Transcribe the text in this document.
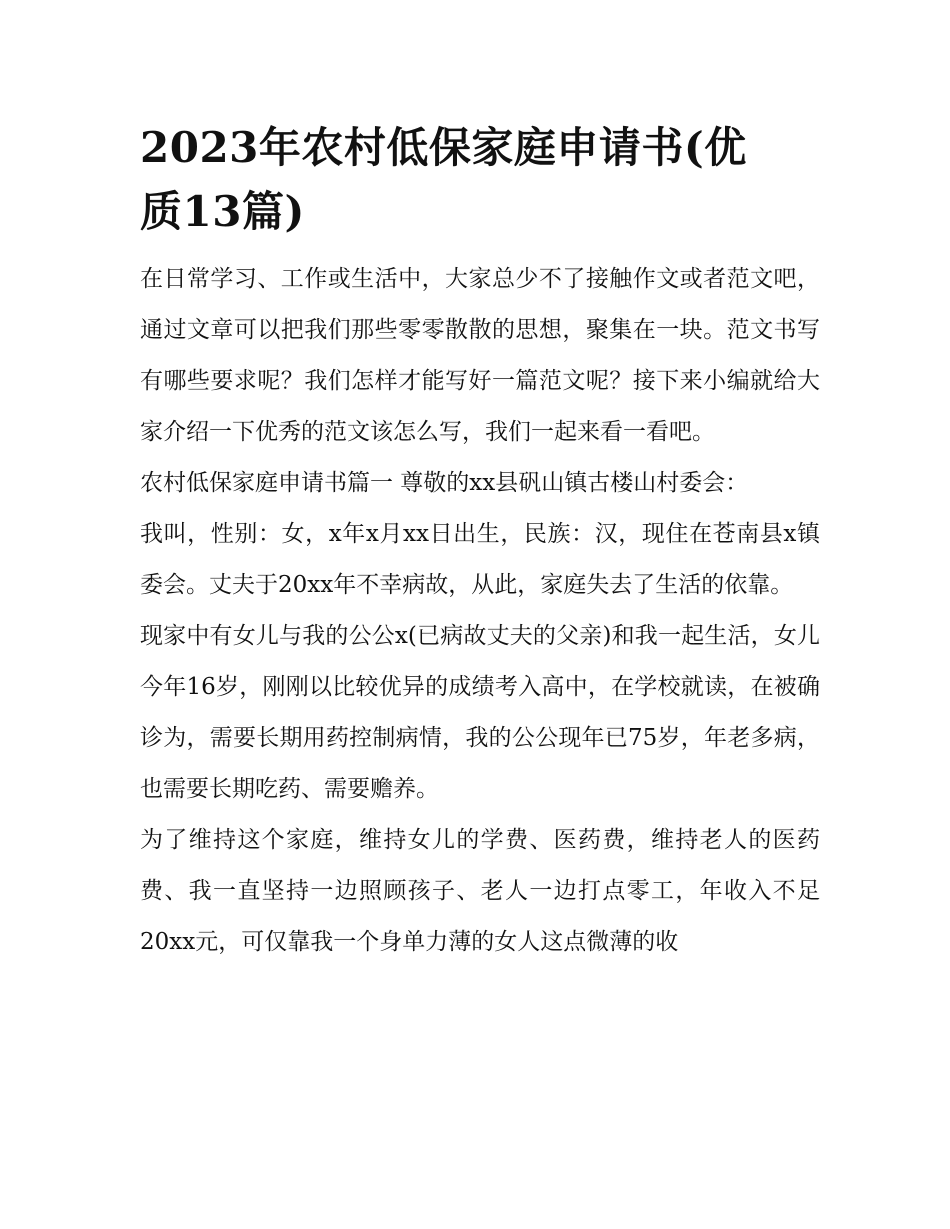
2023年农村低保家庭申请书(优质13篇)

在日常学习、工作或生活中，大家总少不了接触作文或者范文吧，通过文章可以把我们那些零零散散的思想，聚集在一块。范文书写有哪些要求呢？我们怎样才能写好一篇范文呢？接下来小编就给大家介绍一下优秀的范文该怎么写，我们一起来看一看吧。

农村低保家庭申请书篇一 尊敬的xx县矾山镇古楼山村委会：

我叫，性别：女，x年x月xx日出生，民族：汉，现住在苍南县x镇委会。丈夫于20xx年不幸病故，从此，家庭失去了生活的依靠。

现家中有女儿与我的公公x(已病故丈夫的父亲)和我一起生活，女儿今年16岁，刚刚以比较优异的成绩考入高中，在学校就读，在被确诊为，需要长期用药控制病情，我的公公现年已75岁，年老多病，也需要长期吃药、需要赡养。

为了维持这个家庭，维持女儿的学费、医药费，维持老人的医药费、我一直坚持一边照顾孩子、老人一边打点零工，年收入不足20xx元，可仅靠我一个身单力薄的女人这点微薄的收
